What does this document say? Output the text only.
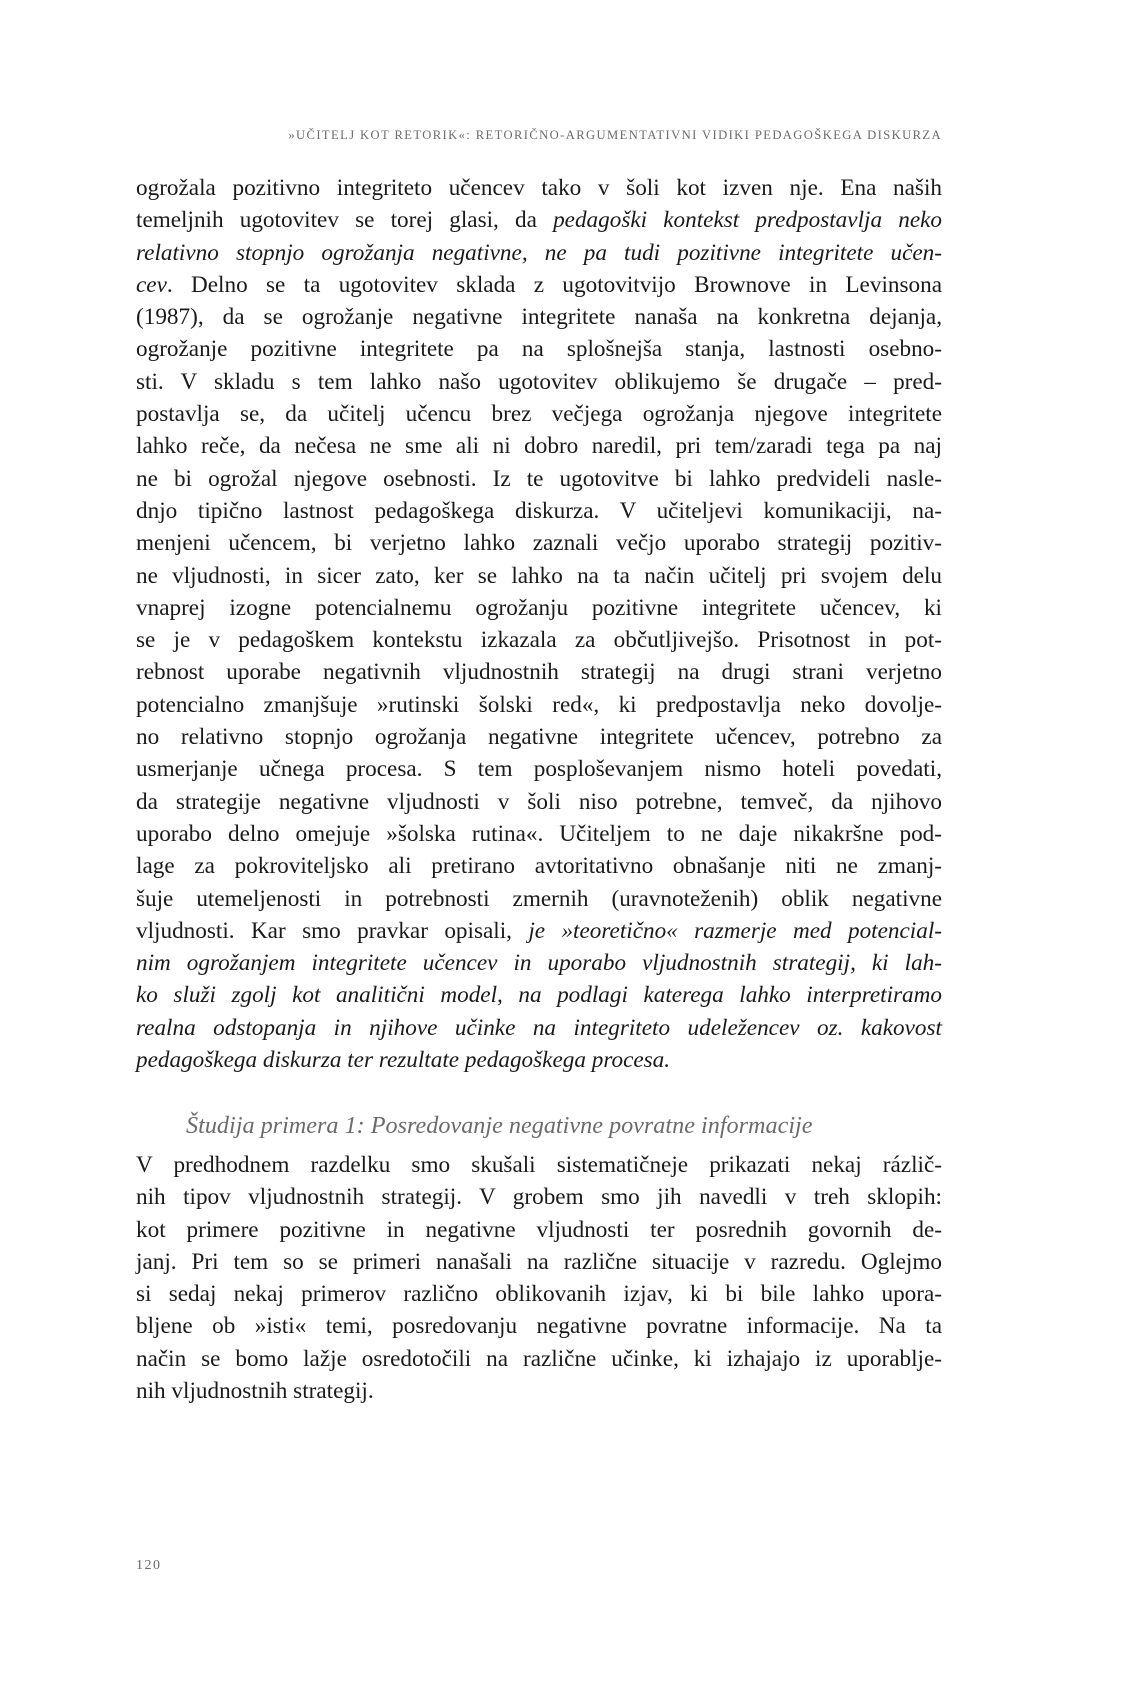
»UČITELJ KOT RETORIK«: RETORIČNO-ARGUMENTATIVNI VIDIKI PEDAGOŠKEGA DISKURZA
ogrožala pozitivno integriteto učencev tako v šoli kot izven nje. Ena naših
temeljnih ugotovitev se torej glasi, da pedagoški kontekst predpostavlja neko
relativno stopnjo ogrožanja negativne, ne pa tudi pozitivne integritete učen-
cev. Delno se ta ugotovitev sklada z ugotovitvijo Brownove in Levinsona
(1987), da se ogrožanje negativne integritete nanaša na konkretna dejanja,
ogrožanje pozitivne integritete pa na splošnejša stanja, lastnosti osebno-
sti. V skladu s tem lahko našo ugotovitev oblikujemo še drugače – pred-
postavlja se, da učitelj učencu brez večjega ogrožanja njegove integritete
lahko reče, da nečesa ne sme ali ni dobro naredil, pri tem/zaradi tega pa naj
ne bi ogrožal njegove osebnosti. Iz te ugotovitve bi lahko predvideli nasle-
dnjo tipično lastnost pedagoškega diskurza. V učiteljevi komunikaciji, na-
menjeni učencem, bi verjetno lahko zaznali večjo uporabo strategij pozitiv-
ne vljudnosti, in sicer zato, ker se lahko na ta način učitelj pri svojem delu
vnaprej izogne potencialnemu ogrožanju pozitivne integritete učencev, ki
se je v pedagoškem kontekstu izkazala za občutljivejšo. Prisotnost in pot-
rebnost uporabe negativnih vljudnostnih strategij na drugi strani verjetno
potencialno zmanjšuje »rutinski šolski red«, ki predpostavlja neko dovolje-
no relativno stopnjo ogrožanja negativne integritete učencev, potrebno za
usmerjanje učnega procesa. S tem posploševanjem nismo hoteli povedati,
da strategije negativne vljudnosti v šoli niso potrebne, temveč, da njihovo
uporabo delno omejuje »šolska rutina«. Učiteljem to ne daje nikakršne pod-
lage za pokroviteljsko ali pretirano avtoritativno obnašanje niti ne zmanj-
šuje utemeljenosti in potrebnosti zmernih (uravnoteženih) oblik negativne
vljudnosti. Kar smo pravkar opisali, je »teoretično« razmerje med potencial-
nim ogrožanjem integritete učencev in uporabo vljudnostnih strategij, ki lah-
ko služi zgolj kot analitični model, na podlagi katerega lahko interpretiramo
realna odstopanja in njihove učinke na integriteto udeležencev oz. kakovost
pedagoškega diskurza ter rezultate pedagoškega procesa.
Študija primera 1: Posredovanje negativne povratne informacije
V predhodnem razdelku smo skušali sistematičneje prikazati nekaj rázlič-
nih tipov vljudnostnih strategij. V grobem smo jih navedli v treh sklopih:
kot primere pozitivne in negativne vljudnosti ter posrednih govornih de-
janj. Pri tem so se primeri nanašali na različne situacije v razredu. Oglejmo
si sedaj nekaj primerov različno oblikovanih izjav, ki bi bile lahko upora-
bljene ob »isti« temi, posredovanju negativne povratne informacije. Na ta
način se bomo lažje osredotočili na različne učinke, ki izhajajo iz uporablje-
nih vljudnostnih strategij.
120
